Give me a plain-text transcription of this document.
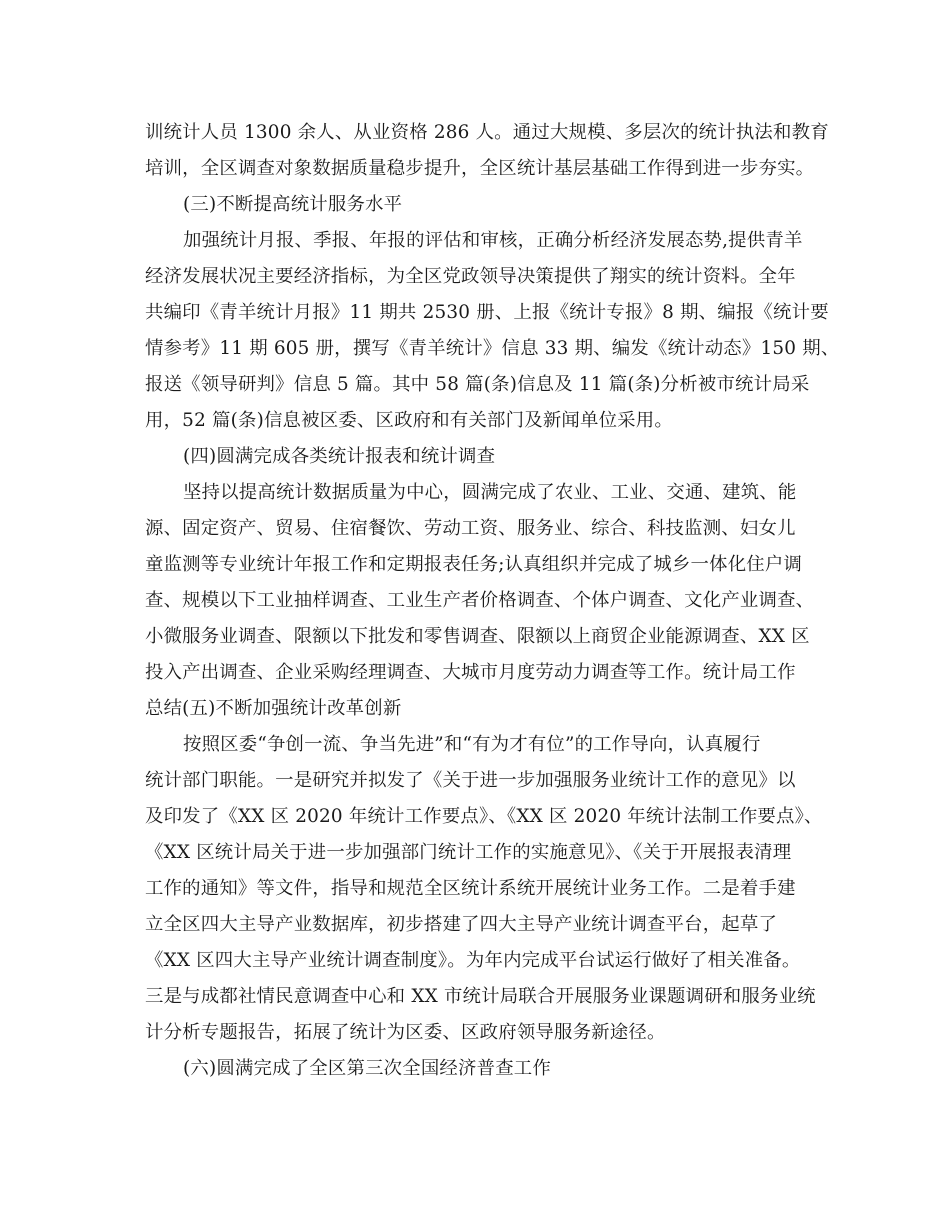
训统计人员 1300 余人、从业资格 286 人。通过大规模、多层次的统计执法和教育
培训，全区调查对象数据质量稳步提升，全区统计基层基础工作得到进一步夯实。
(三)不断提高统计服务水平
加强统计月报、季报、年报的评估和审核，正确分析经济发展态势,提供青羊
经济发展状况主要经济指标，为全区党政领导决策提供了翔实的统计资料。全年
共编印《青羊统计月报》11 期共 2530 册、上报《统计专报》8 期、编报《统计要
情参考》11 期 605 册，撰写《青羊统计》信息 33 期、编发《统计动态》150 期、
报送《领导研判》信息 5 篇。其中 58 篇(条)信息及 11 篇(条)分析被市统计局采
用，52 篇(条)信息被区委、区政府和有关部门及新闻单位采用。
(四)圆满完成各类统计报表和统计调查
坚持以提高统计数据质量为中心，圆满完成了农业、工业、交通、建筑、能
源、固定资产、贸易、住宿餐饮、劳动工资、服务业、综合、科技监测、妇女儿
童监测等专业统计年报工作和定期报表任务;认真组织并完成了城乡一体化住户调
查、规模以下工业抽样调查、工业生产者价格调查、个体户调查、文化产业调查、
小微服务业调查、限额以下批发和零售调查、限额以上商贸企业能源调查、XX 区
投入产出调查、企业采购经理调查、大城市月度劳动力调查等工作。统计局工作
总结(五)不断加强统计改革创新
按照区委“争创一流、争当先进”和“有为才有位”的工作导向，认真履行
统计部门职能。一是研究并拟发了《关于进一步加强服务业统计工作的意见》以
及印发了《XX 区 2020 年统计工作要点》、《XX 区 2020 年统计法制工作要点》、
《XX 区统计局关于进一步加强部门统计工作的实施意见》、《关于开展报表清理
工作的通知》等文件，指导和规范全区统计系统开展统计业务工作。二是着手建
立全区四大主导产业数据库，初步搭建了四大主导产业统计调查平台，起草了
《XX 区四大主导产业统计调查制度》。为年内完成平台试运行做好了相关准备。
三是与成都社情民意调查中心和 XX 市统计局联合开展服务业课题调研和服务业统
计分析专题报告，拓展了统计为区委、区政府领导服务新途径。
(六)圆满完成了全区第三次全国经济普查工作
